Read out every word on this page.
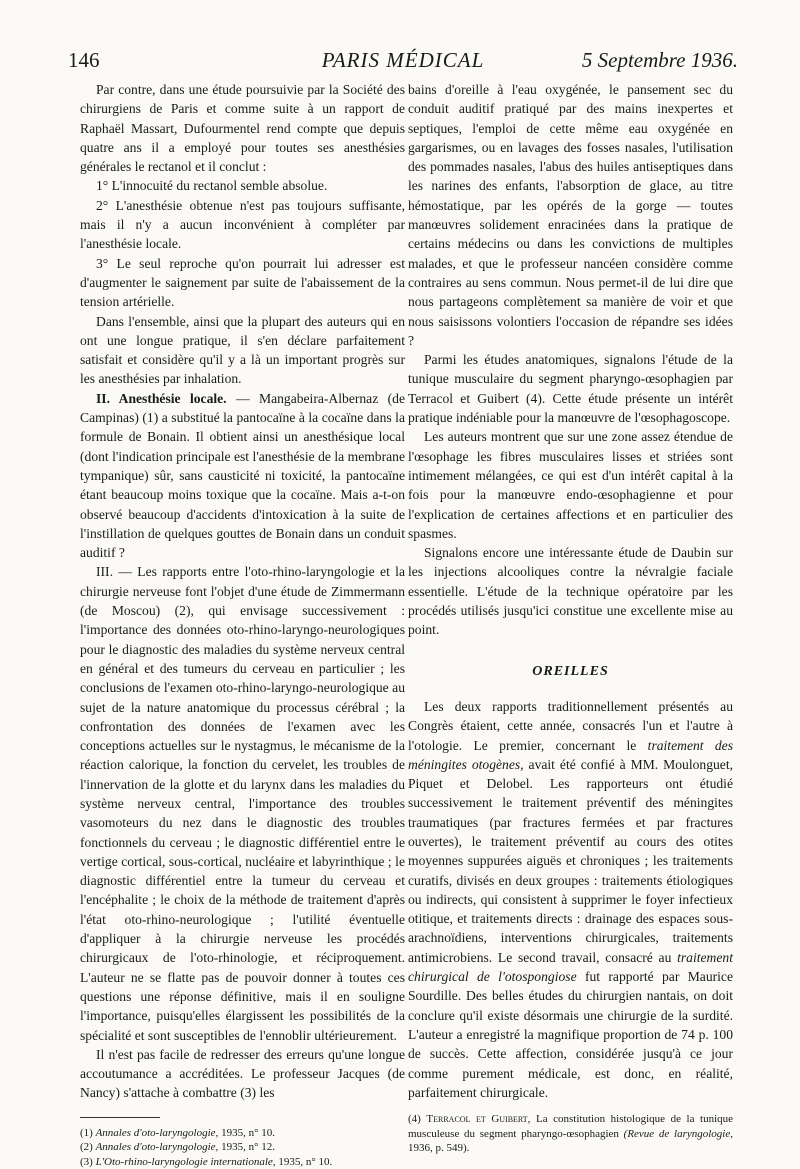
146	PARIS MÉDICAL	5 Septembre 1936.

Par contre, dans une étude poursuivie par la Société des chirurgiens de Paris et comme suite à un rapport de Raphaël Massart, Dufourmentel rend compte que depuis quatre ans il a employé pour toutes ses anesthésies générales le rectanol et il conclut :

1° L'innocuité du rectanol semble absolue.

2° L'anesthésie obtenue n'est pas toujours suffisante, mais il n'y a aucun inconvénient à compléter par l'anesthésie locale.

3° Le seul reproche qu'on pourrait lui adresser est d'augmenter le saignement par suite de l'abaissement de la tension artérielle.

Dans l'ensemble, ainsi que la plupart des auteurs qui en ont une longue pratique, il s'en déclare parfaitement satisfait et considère qu'il y a là un important progrès sur les anesthésies par inhalation.

II. Anesthésie locale. — Mangabeira-Albernaz (de Campinas) (1) a substitué la pantocaïne à la cocaïne dans la formule de Bonain. Il obtient ainsi un anesthésique local (dont l'indication principale est l'anesthésie de la membrane tympanique) sûr, sans causticité ni toxicité, la pantocaïne étant beaucoup moins toxique que la cocaïne. Mais a-t-on observé beaucoup d'accidents d'intoxication à la suite de l'instillation de quelques gouttes de Bonain dans un conduit auditif ?

III. — Les rapports entre l'oto-rhino-laryngologie et la chirurgie nerveuse font l'objet d'une étude de Zimmermann (de Moscou) (2), qui envisage successivement : l'importance des données oto-rhino-laryngo-neurologiques pour le diagnostic des maladies du système nerveux central en général et des tumeurs du cerveau en particulier ; les conclusions de l'examen oto-rhino-laryngo-neurologique au sujet de la nature anatomique du processus cérébral ; la confrontation des données de l'examen avec les conceptions actuelles sur le nystagmus, le mécanisme de la réaction calorique, la fonction du cervelet, les troubles de l'innervation de la glotte et du larynx dans les maladies du système nerveux central, l'importance des troubles vasomoteurs du nez dans le diagnostic des troubles fonctionnels du cerveau ; le diagnostic différentiel entre le vertige cortical, sous-cortical, nucléaire et labyrinthique ; le diagnostic différentiel entre la tumeur du cerveau et l'encéphalite ; le choix de la méthode de traitement d'après l'état oto-rhino-neurologique ; l'utilité éventuelle d'appliquer à la chirurgie nerveuse les procédés chirurgicaux de l'oto-rhinologie, et réciproquement. L'auteur ne se flatte pas de pouvoir donner à toutes ces questions une réponse définitive, mais il en souligne l'importance, puisqu'elles élargissent les possibilités de la spécialité et sont susceptibles de l'ennoblir ultérieurement.

Il n'est pas facile de redresser des erreurs qu'une longue accoutumance a accréditées. Le professeur Jacques (de Nancy) s'attache à combattre (3) les

(1) Annales d'oto-laryngologie, 1935, n° 10.

(2) Annales d'oto-laryngologie, 1935, n° 12.

(3) L'Oto-rhino-laryngologie internationale, 1935, n° 10.

bains d'oreille à l'eau oxygénée, le pansement sec du conduit auditif pratiqué par des mains inexpertes et septiques, l'emploi de cette même eau oxygénée en gargarismes, ou en lavages des fosses nasales, l'utilisation des pommades nasales, l'abus des huiles antiseptiques dans les narines des enfants, l'absorption de glace, au titre hémostatique, par les opérés de la gorge — toutes manœuvres solidement enracinées dans la pratique de certains médecins ou dans les convictions de multiples malades, et que le professeur nancéen considère comme contraires au sens commun. Nous permet-il de lui dire que nous partageons complètement sa manière de voir et que nous saisissons volontiers l'occasion de répandre ses idées ?

Parmi les études anatomiques, signalons l'étude de la tunique musculaire du segment pharyngo-œsophagien par Terracol et Guibert (4). Cette étude présente un intérêt pratique indéniable pour la manœuvre de l'œsophagoscope.

Les auteurs montrent que sur une zone assez étendue de l'œsophage les fibres musculaires lisses et striées sont intimement mélangées, ce qui est d'un intérêt capital à la fois pour la manœuvre endo-œsophagienne et pour l'explication de certaines affections et en particulier des spasmes.

Signalons encore une intéressante étude de Daubin sur les injections alcooliques contre la névralgie faciale essentielle. L'étude de la technique opératoire par les procédés utilisés jusqu'ici constitue une excellente mise au point.

OREILLES

Les deux rapports traditionnellement présentés au Congrès étaient, cette année, consacrés l'un et l'autre à l'otologie. Le premier, concernant le traitement des méningites otogènes, avait été confié à MM. Moulonguet, Piquet et Delobel. Les rapporteurs ont étudié successivement le traitement préventif des méningites traumatiques (par fractures fermées et par fractures ouvertes), le traitement préventif au cours des otites moyennes suppurées aiguës et chroniques ; les traitements curatifs, divisés en deux groupes : traitements étiologiques ou indirects, qui consistent à supprimer le foyer infectieux otitique, et traitements directs : drainage des espaces sous-arachnoïdiens, interventions chirurgicales, traitements antimicrobiens. Le second travail, consacré au traitement chirurgical de l'otospongiose fut rapporté par Maurice Sourdille. Des belles études du chirurgien nantais, on doit conclure qu'il existe désormais une chirurgie de la surdité. L'auteur a enregistré la magnifique proportion de 74 p. 100 de succès. Cette affection, considérée jusqu'à ce jour comme purement médicale, est donc, en réalité, parfaitement chirurgicale.

(4) Terracol et Guibert, La constitution histologique de la tunique musculeuse du segment pharyngo-œsophagien (Revue de laryngologie, 1936, p. 549).
